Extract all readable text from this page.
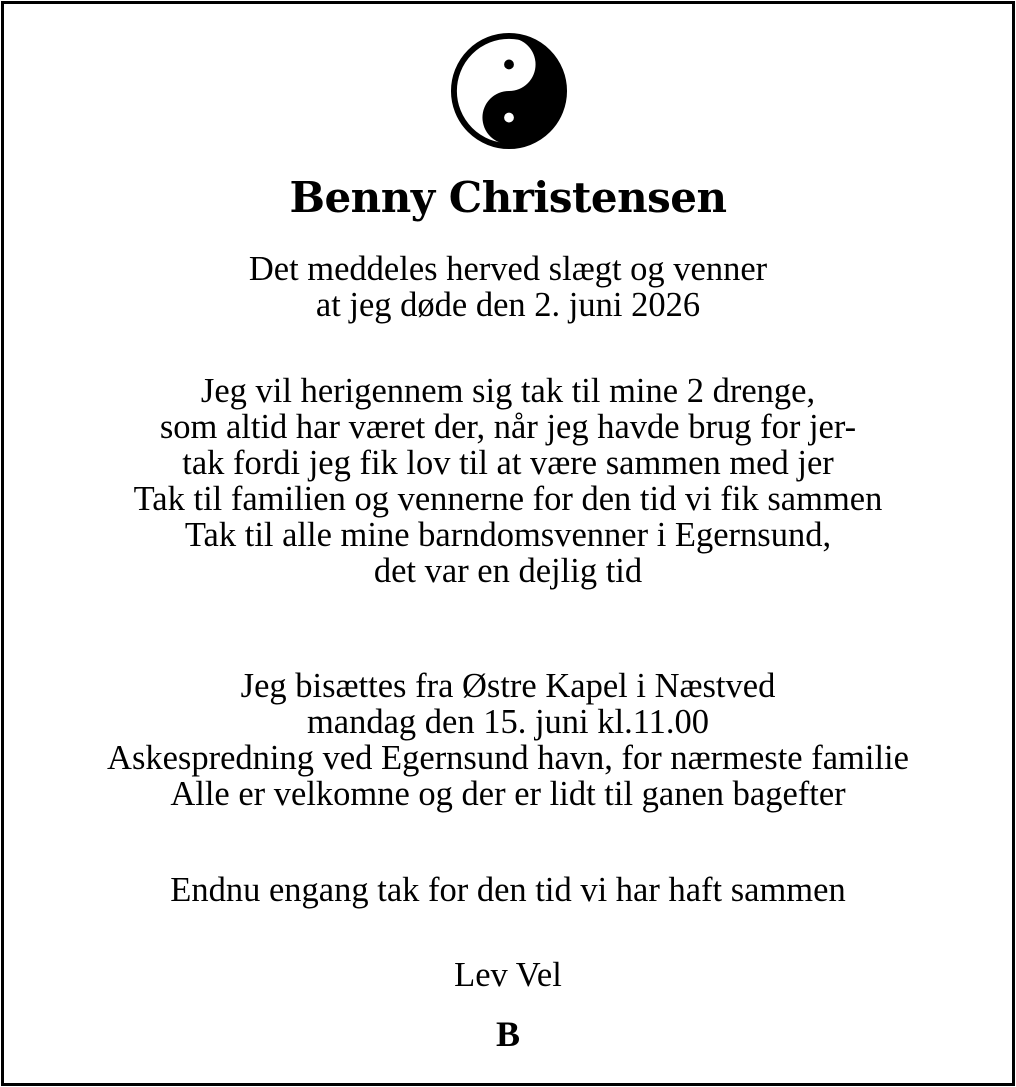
Benny Christensen
Det meddeles herved slægt og venner
at jeg døde den 2. juni 2026
Jeg vil herigennem sig tak til mine 2 drenge,
som altid har været der, når jeg havde brug for jer-
tak fordi jeg fik lov til at være sammen med jer
Tak til familien og vennerne for den tid vi fik sammen
Tak til alle mine barndomsvenner i Egernsund,
det var en dejlig tid
Jeg bisættes fra Østre Kapel i Næstved
mandag den 15. juni kl.11.00
Askespredning ved Egernsund havn, for nærmeste familie
Alle er velkomne og der er lidt til ganen bagefter
Endnu engang tak for den tid vi har haft sammen
Lev Vel
B
